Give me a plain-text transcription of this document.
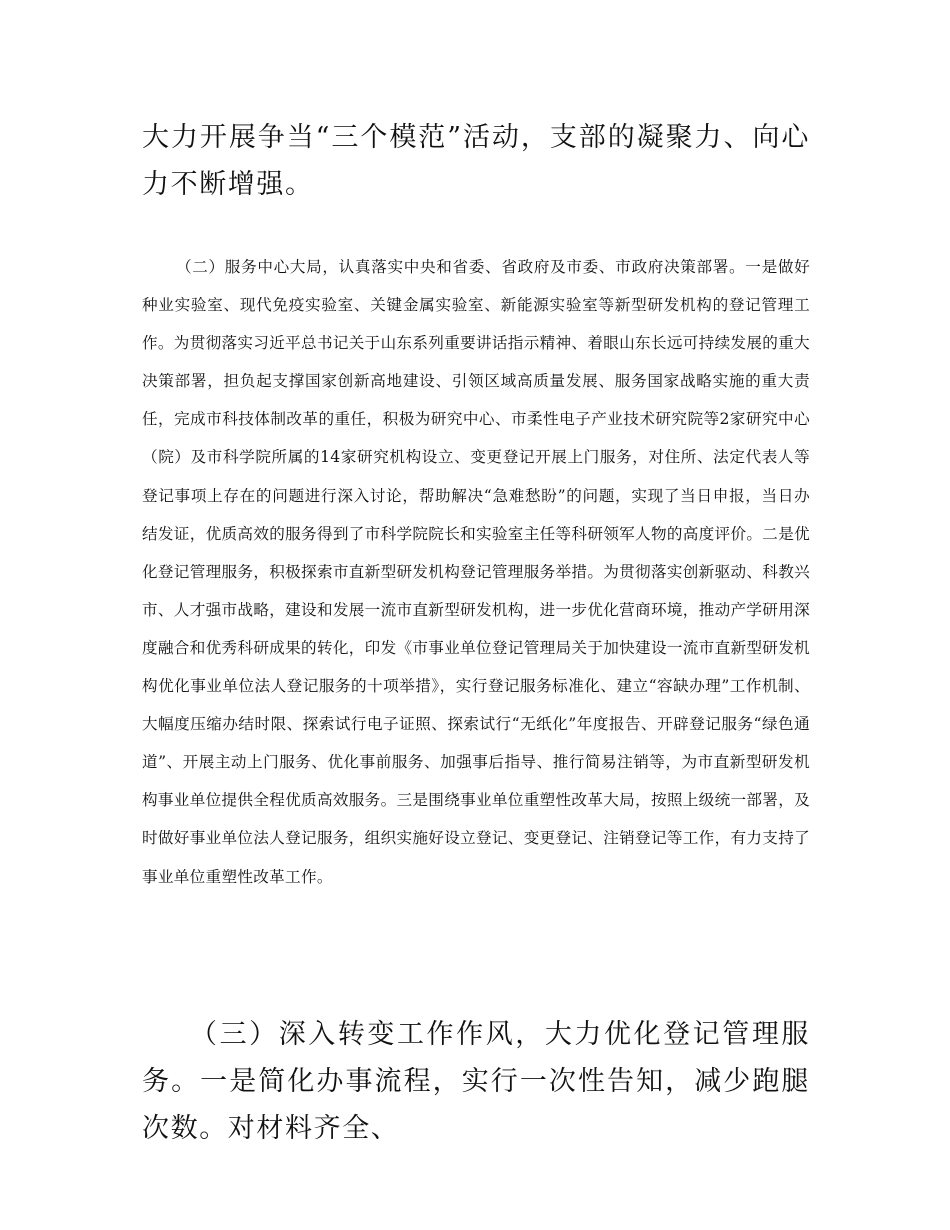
大力开展争当“三个模范”活动，支部的凝聚力、向心力不断增强。

（二）服务中心大局，认真落实中央和省委、省政府及市委、市政府决策部署。一是做好种业实验室、现代免疫实验室、关键金属实验室、新能源实验室等新型研发机构的登记管理工作。为贯彻落实习近平总书记关于山东系列重要讲话指示精神、着眼山东长远可持续发展的重大决策部署，担负起支撑国家创新高地建设、引领区域高质量发展、服务国家战略实施的重大责任，完成市科技体制改革的重任，积极为研究中心、市柔性电子产业技术研究院等2家研究中心（院）及市科学院所属的14家研究机构设立、变更登记开展上门服务，对住所、法定代表人等登记事项上存在的问题进行深入讨论，帮助解决“急难愁盼”的问题，实现了当日申报，当日办结发证，优质高效的服务得到了市科学院院长和实验室主任等科研领军人物的高度评价。二是优化登记管理服务，积极探索市直新型研发机构登记管理服务举措。为贯彻落实创新驱动、科教兴市、人才强市战略，建设和发展一流市直新型研发机构，进一步优化营商环境，推动产学研用深度融合和优秀科研成果的转化，印发《市事业单位登记管理局关于加快建设一流市直新型研发机构优化事业单位法人登记服务的十项举措》，实行登记服务标准化、建立“容缺办理”工作机制、大幅度压缩办结时限、探索试行电子证照、探索试行“无纸化”年度报告、开辟登记服务“绿色通道”、开展主动上门服务、优化事前服务、加强事后指导、推行简易注销等，为市直新型研发机构事业单位提供全程优质高效服务。三是围绕事业单位重塑性改革大局，按照上级统一部署，及时做好事业单位法人登记服务，组织实施好设立登记、变更登记、注销登记等工作，有力支持了事业单位重塑性改革工作。

（三）深入转变工作作风，大力优化登记管理服务。一是简化办事流程，实行一次性告知，减少跑腿次数。对材料齐全、
